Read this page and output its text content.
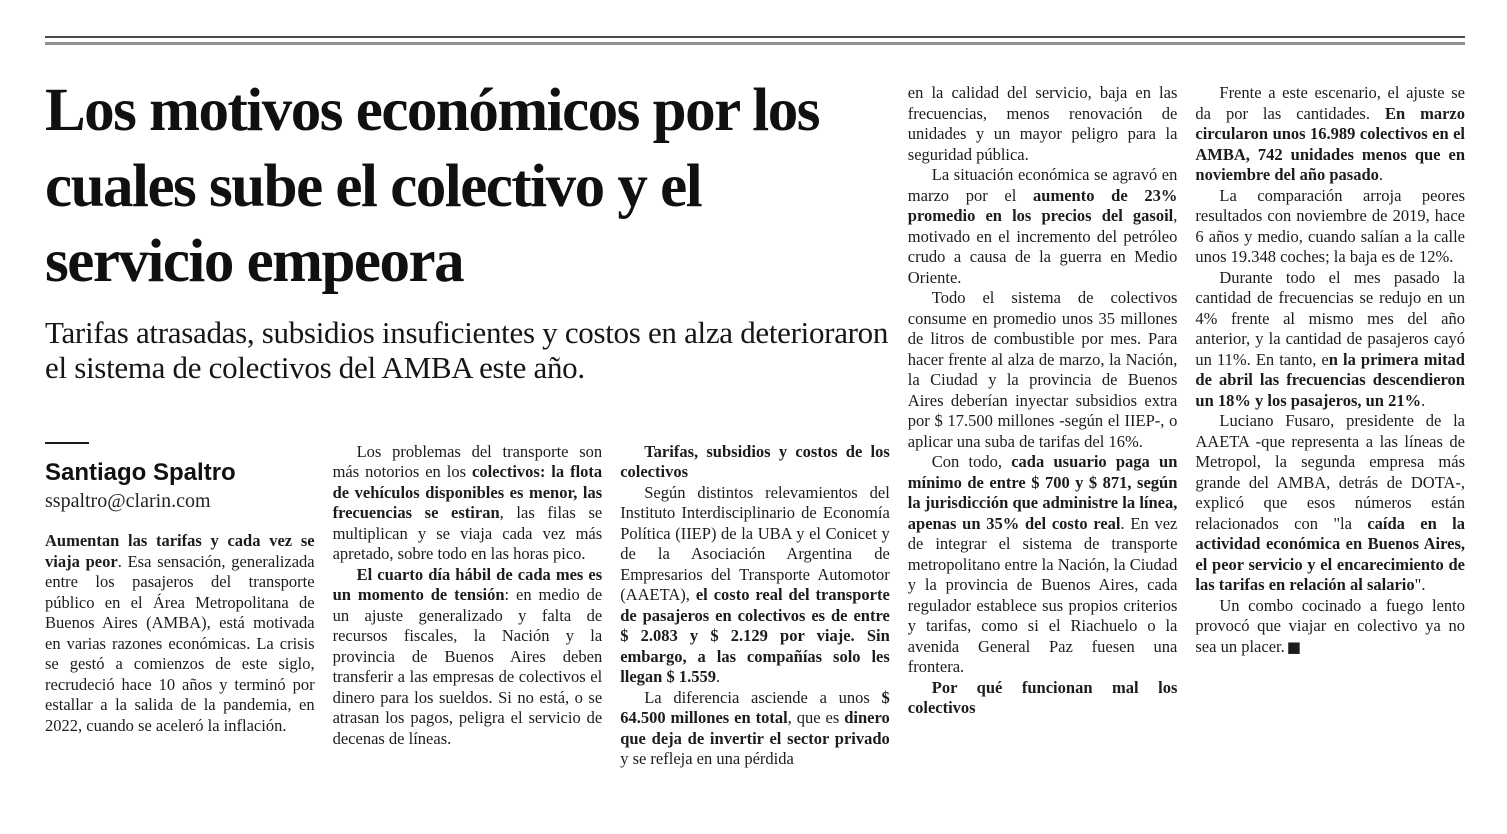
Los motivos económicos por los cuales sube el colectivo y el servicio empeora
Tarifas atrasadas, subsidios insuficientes y costos en alza deterioraron el sistema de colectivos del AMBA este año.
Santiago Spaltro
sspaltro@clarin.com

Aumentan las tarifas y cada vez se viaja peor. Esa sensación, generalizada entre los pasajeros del transporte público en el Área Metropolitana de Buenos Aires (AMBA), está motivada en varias razones económicas. La crisis se gestó a comienzos de este siglo, recrudeció hace 10 años y terminó por estallar a la salida de la pandemia, en 2022, cuando se aceleró la inflación.

Los problemas del transporte son más notorios en los colectivos: la flota de vehículos disponibles es menor, las frecuencias se estiran, las filas se multiplican y se viaja cada vez más apretado, sobre todo en las horas pico.

El cuarto día hábil de cada mes es un momento de tensión: en medio de un ajuste generalizado y falta de recursos fiscales, la Nación y la provincia de Buenos Aires deben transferir a las empresas de colectivos el dinero para los sueldos. Si no está, o se atrasan los pagos, peligra el servicio de decenas de líneas.

Tarifas, subsidios y costos de los colectivos

Según distintos relevamientos del Instituto Interdisciplinario de Economía Política (IIEP) de la UBA y el Conicet y de la Asociación Argentina de Empresarios del Transporte Automotor (AAETA), el costo real del transporte de pasajeros en colectivos es de entre $ 2.083 y $ 2.129 por viaje. Sin embargo, a las compañías solo les llegan $ 1.559.

La diferencia asciende a unos $ 64.500 millones en total, que es dinero que deja de invertir el sector privado y se refleja en una pérdida

en la calidad del servicio, baja en las frecuencias, menos renovación de unidades y un mayor peligro para la seguridad pública.

La situación económica se agravó en marzo por el aumento de 23% promedio en los precios del gasoil, motivado en el incremento del petróleo crudo a causa de la guerra en Medio Oriente.

Todo el sistema de colectivos consume en promedio unos 35 millones de litros de combustible por mes. Para hacer frente al alza de marzo, la Nación, la Ciudad y la provincia de Buenos Aires deberían inyectar subsidios extra por $ 17.500 millones -según el IIEP-, o aplicar una suba de tarifas del 16%.

Con todo, cada usuario paga un mínimo de entre $ 700 y $ 871, según la jurisdicción que administre la línea, apenas un 35% del costo real. En vez de integrar el sistema de transporte metropolitano entre la Nación, la Ciudad y la provincia de Buenos Aires, cada regulador establece sus propios criterios y tarifas, como si el Riachuelo o la avenida General Paz fuesen una frontera.

Por qué funcionan mal los colectivos

Frente a este escenario, el ajuste se da por las cantidades. En marzo circularon unos 16.989 colectivos en el AMBA, 742 unidades menos que en noviembre del año pasado.

La comparación arroja peores resultados con noviembre de 2019, hace 6 años y medio, cuando salían a la calle unos 19.348 coches; la baja es de 12%.

Durante todo el mes pasado la cantidad de frecuencias se redujo en un 4% frente al mismo mes del año anterior, y la cantidad de pasajeros cayó un 11%. En tanto, en la primera mitad de abril las frecuencias descendieron un 18% y los pasajeros, un 21%.

Luciano Fusaro, presidente de la AAETA -que representa a las líneas de Metropol, la segunda empresa más grande del AMBA, detrás de DOTA-, explicó que esos números están relacionados con "la caída en la actividad económica en Buenos Aires, el peor servicio y el encarecimiento de las tarifas en relación al salario".

Un combo cocinado a fuego lento provocó que viajar en colectivo ya no sea un placer. ■
